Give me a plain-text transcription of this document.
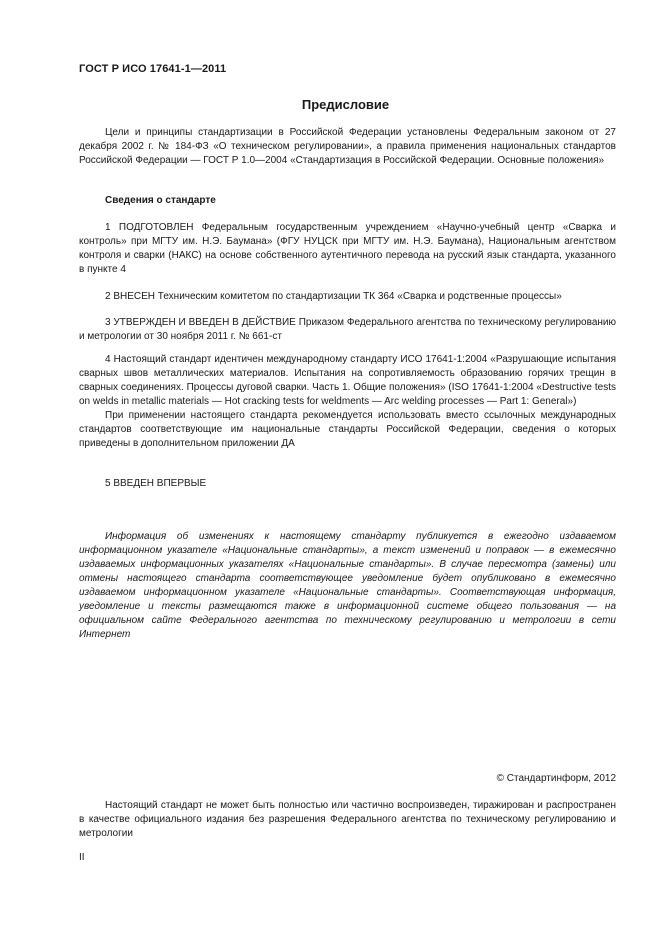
ГОСТ Р ИСО 17641-1—2011
Предисловие

Цели и принципы стандартизации в Российской Федерации установлены Федеральным законом от 27 декабря 2002 г. № 184-ФЗ «О техническом регулировании», а правила применения национальных стандартов Российской Федерации — ГОСТ Р 1.0—2004 «Стандартизация в Российской Федерации. Основные положения»

Сведения о стандарте

1 ПОДГОТОВЛЕН Федеральным государственным учреждением «Научно-учебный центр «Сварка и контроль» при МГТУ им. Н.Э. Баумана» (ФГУ НУЦСК при МГТУ им. Н.Э. Баумана), Национальным агентством контроля и сварки (НАКС) на основе собственного аутентичного перевода на русский язык стандарта, указанного в пункте 4

2 ВНЕСЕН Техническим комитетом по стандартизации ТК 364 «Сварка и родственные процессы»

3 УТВЕРЖДЕН И ВВЕДЕН В ДЕЙСТВИЕ Приказом Федерального агентства по техническому регулированию и метрологии от 30 ноября 2011 г. № 661-ст

4 Настоящий стандарт идентичен международному стандарту ИСО 17641-1:2004 «Разрушающие испытания сварных швов металлических материалов. Испытания на сопротивляемость образованию горячих трещин в сварных соединениях. Процессы дуговой сварки. Часть 1. Общие положения» (ISO 17641-1:2004 «Destructive tests on welds in metallic materials — Hot cracking tests for weldments — Arc welding processes — Part 1: General»)

При применении настоящего стандарта рекомендуется использовать вместо ссылочных международных стандартов соответствующие им национальные стандарты Российской Федерации, сведения о которых приведены в дополнительном приложении ДА

5 ВВЕДЕН ВПЕРВЫЕ

Информация об изменениях к настоящему стандарту публикуется в ежегодно издаваемом информационном указателе «Национальные стандарты», а текст изменений и поправок — в ежемесячно издаваемых информационных указателях «Национальные стандарты». В случае пересмотра (замены) или отмены настоящего стандарта соответствующее уведомление будет опубликовано в ежемесячно издаваемом информационном указателе «Национальные стандарты». Соответствующая информация, уведомление и тексты размещаются также в информационной системе общего пользования — на официальном сайте Федерального агентства по техническому регулированию и метрологии в сети Интернет

© Стандартинформ, 2012

Настоящий стандарт не может быть полностью или частично воспроизведен, тиражирован и распространен в качестве официального издания без разрешения Федерального агентства по техническому регулированию и метрологии

II
